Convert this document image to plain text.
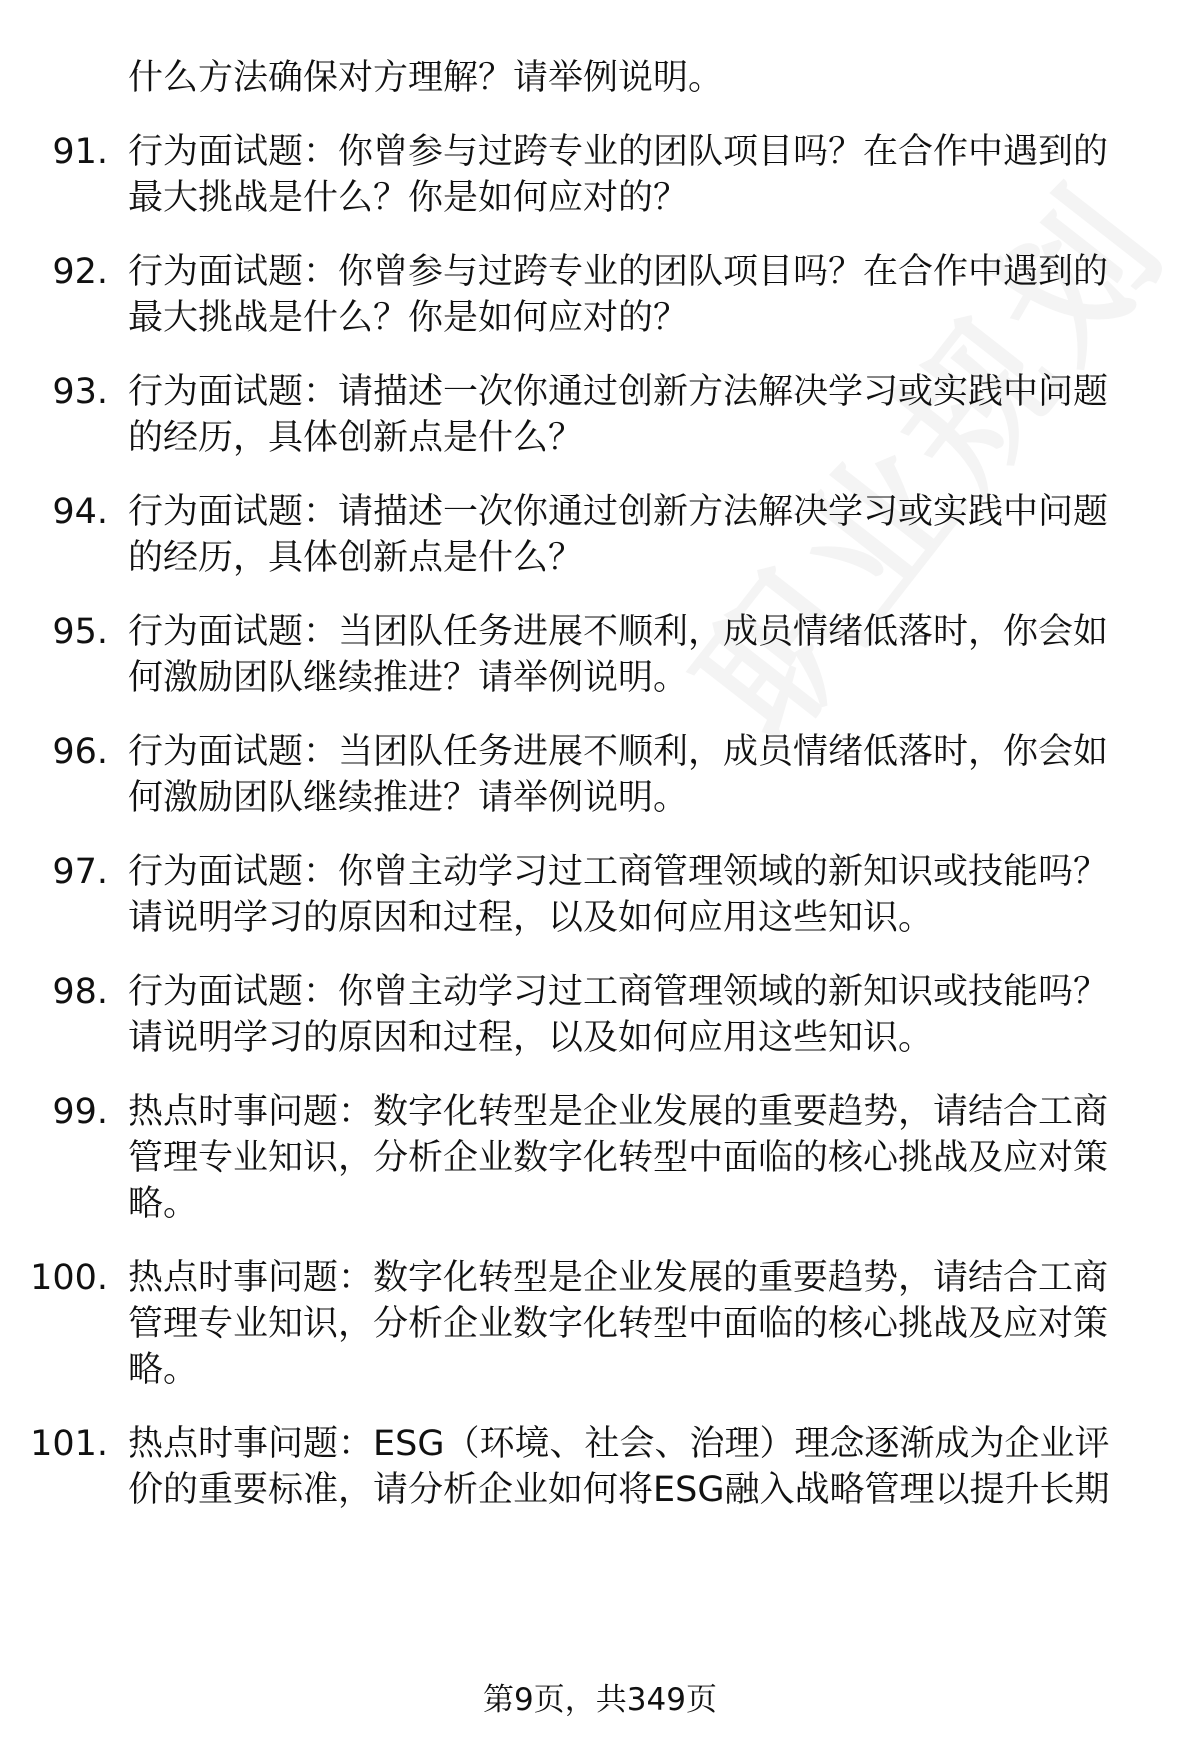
什么方法确保对方理解？请举例说明。
91. 行为面试题：你曾参与过跨专业的团队项目吗？在合作中遇到的
最大挑战是什么？你是如何应对的？
92. 行为面试题：你曾参与过跨专业的团队项目吗？在合作中遇到的
最大挑战是什么？你是如何应对的？
93. 行为面试题：请描述一次你通过创新方法解决学习或实践中问题
的经历，具体创新点是什么？
94. 行为面试题：请描述一次你通过创新方法解决学习或实践中问题
的经历，具体创新点是什么？
95. 行为面试题：当团队任务进展不顺利，成员情绪低落时，你会如
何激励团队继续推进？请举例说明。
96. 行为面试题：当团队任务进展不顺利，成员情绪低落时，你会如
何激励团队继续推进？请举例说明。
97. 行为面试题：你曾主动学习过工商管理领域的新知识或技能吗？
请说明学习的原因和过程，以及如何应用这些知识。
98. 行为面试题：你曾主动学习过工商管理领域的新知识或技能吗？
请说明学习的原因和过程，以及如何应用这些知识。
99. 热点时事问题：数字化转型是企业发展的重要趋势，请结合工商
管理专业知识，分析企业数字化转型中面临的核心挑战及应对策
略。
100. 热点时事问题：数字化转型是企业发展的重要趋势，请结合工商
管理专业知识，分析企业数字化转型中面临的核心挑战及应对策
略。
101. 热点时事问题：ESG（环境、社会、治理）理念逐渐成为企业评
价的重要标准，请分析企业如何将ESG融入战略管理以提升长期
第9页，共349页
